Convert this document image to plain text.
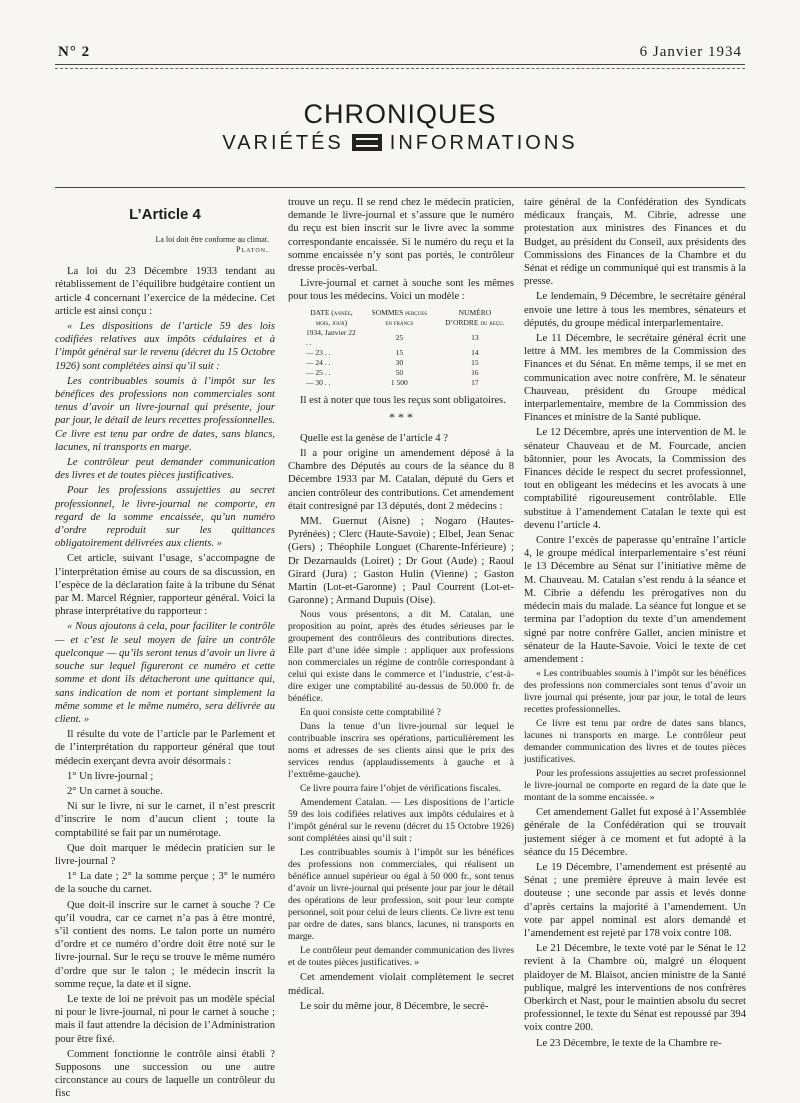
N° 2	6 Janvier 1934
CHRONIQUES
VARIÉTÉS INFORMATIONS
L’Article 4
La loi doit être conforme au climat.
Platon.

La loi du 23 Décembre 1933 tendant au rétablissement de l’équilibre budgétaire contient un article 4 concernant l’exercice de la médecine. Cet article est ainsi conçu :

« Les dispositions de l’article 59 des lois codifiées relatives aux impôts cédulaires et à l’impôt général sur le revenu (décret du 15 Octobre 1926) sont complétées ainsi qu’il suit :

Les contribuables soumis à l’impôt sur les bénéfices des professions non commerciales sont tenus d’avoir un livre-journal qui présente, jour par jour, le détail de leurs recettes professionnelles. Ce livre est tenu par ordre de dates, sans blancs, lacunes, ni transports en marge.

Le contrôleur peut demander communication des livres et de toutes pièces justificatives.

Pour les professions assujetties au secret professionnel, le livre-journal ne comporte, en regard de la somme encaissée, qu’un numéro d’ordre reproduit sur les quittances obligatoirement délivrées aux clients. »

Cet article, suivant l’usage, s’accompagne de l’interprétation émise au cours de sa discussion, en l’espèce de la déclaration faite à la tribune du Sénat par M. Marcel Régnier, rapporteur général. Voici la phrase interprétative du rapporteur :

« Nous ajoutons à cela, pour faciliter le contrôle — et c’est le seul moyen de faire un contrôle quelconque — qu’ils seront tenus d’avoir un livre à souche sur lequel figureront ce numéro et cette somme et dont ils détacheront une quittance qui, sans indication de nom et portant simplement la même somme et le même numéro, sera délivrée au client. »

Il résulte du vote de l’article par le Parlement et de l’interprétation du rapporteur général que tout médecin exerçant devra avoir désormais :

1° Un livre-journal ;

2° Un carnet à souche.

Ni sur le livre, ni sur le carnet, il n’est prescrit d’inscrire le nom d’aucun client ; toute la comptabilité se fait par un numérotage.

Que doit marquer le médecin praticien sur le livre-journal ?

1° La date ; 2° la somme perçue ; 3° le numéro de la souche du carnet.

Que doit-il inscrire sur le carnet à souche ? Ce qu’il voudra, car ce carnet n’a pas à être montré, s’il contient des noms. Le talon porte un numéro d’ordre et ce numéro d’ordre doit être noté sur le livre-journal. Sur le reçu se trouve le même numéro d’ordre que sur le talon ; le médecin inscrit la somme reçue, la date et il signe.

Le texte de loi ne prévoit pas un modèle spécial ni pour le livre-journal, ni pour le carnet à souche ; mais il faut attendre la décision de l’Administration pour être fixé.

Comment fonctionne le contrôle ainsi établi ? Supposons une succession ou une autre circonstance au cours de laquelle un contrôleur du fisc

trouve un reçu. Il se rend chez le médecin praticien, demande le livre-journal et s’assure que le numéro du reçu est bien inscrit sur le livre avec la somme correspondante encaissée. Si le numéro du reçu et la somme encaissée n’y sont pas portés, le contrôleur dresse procès-verbal.

Livre-journal et carnet à souche sont les mêmes pour tous les médecins. Voici un modèle :

DATE (année, mois, jour)	SOMMES perçues en francs	NUMÉRO D’ORDRE du reçu.
1934, Janvier 22 . .	25	13
— 23 . .	15	14
— 24 . .	30	15
— 25 . .	50	16
— 30 . .	1 500	17

Il est à noter que tous les reçus sont obligatoires.

* * *

Quelle est la genèse de l’article 4 ?

Il a pour origine un amendement déposé à la Chambre des Députés au cours de la séance du 8 Décembre 1933 par M. Catalan, député du Gers et ancien contrôleur des contributions. Cet amendement était contresigné par 13 députés, dont 2 médecins :

MM. Guernut (Aisne) ; Nogaro (Hautes-Pyrénées) ; Clerc (Haute-Savoie) ; Elbel, Jean Senac (Gers) ; Théophile Longuet (Charente-Inférieure) ; Dr Dezarnaulds (Loiret) ; Dr Gout (Aude) ; Raoul Girard (Jura) ; Gaston Hulin (Vienne) ; Gaston Martin (Lot-et-Garonne) ; Paul Courrent (Lot-et-Garonne) ; Armand Dupuis (Oise).

Nous vous présentons, a dit M. Catalan, une proposition au point, après des études sérieuses par le groupement des contrôleurs des contributions directes. Elle part d’une idée simple : appliquer aux professions non commerciales un régime de contrôle correspondant à celui qui existe dans le commerce et l’industrie, c’est-à-dire exiger une comptabilité au-dessus de 50.000 fr. de bénéfice.

En quoi consiste cette comptabilité ?

Dans la tenue d’un livre-journal sur lequel le contribuable inscrira ses opérations, particulièrement les noms et adresses de ses clients ainsi que le prix des services rendus (applaudissements à gauche et à l’extrême-gauche).

Ce livre pourra faire l’objet de vérifications fiscales.

Amendement Catalan. — Les dispositions de l’article 59 des lois codifiées relatives aux impôts cédulaires et à l’impôt général sur le revenu (décret du 15 Octobre 1926) sont complétées ainsi qu’il suit :

Les contribuables soumis à l’impôt sur les bénéfices des professions non commerciales, qui réalisent un bénéfice annuel supérieur ou égal à 50 000 fr., sont tenus d’avoir un livre-journal qui présente jour par jour le détail des opérations de leur profession, soit pour leur compte personnel, soit pour celui de leurs clients. Ce livre est tenu par ordre de dates, sans blancs, lacunes, ni transports en marge.

Le contrôleur peut demander communication des livres et de toutes pièces justificatives. »

Cet amendement violait complètement le secret médical.

Le soir du même jour, 8 Décembre, le secré-

taire général de la Confédération des Syndicats médicaux français, M. Cibrie, adresse une protestation aux ministres des Finances et du Budget, au président du Conseil, aux présidents des Commissions des Finances de la Chambre et du Sénat et rédige un communiqué qui est transmis à la presse.

Le lendemain, 9 Décembre, le secrétaire général envoie une lettre à tous les membres, sénateurs et députés, du groupe médical interparlementaire.

Le 11 Décembre, le secrétaire général écrit une lettre à MM. les membres de la Commission des Finances et du Sénat. En même temps, il se met en communication avec notre confrère, M. le sénateur Chauveau, président du Groupe médical interparlementaire, membre de la Commission des Finances et ministre de la Santé publique.

Le 12 Décembre, après une intervention de M. le sénateur Chauveau et de M. Fourcade, ancien bâtonnier, pour les Avocats, la Commission des Finances décide le respect du secret professionnel, tout en obligeant les médecins et les avocats à une comptabilité rigoureusement contrôlable. Elle substitue à l’amendement Catalan le texte qui est devenu l’article 4.

Contre l’excès de paperasse qu’entraîne l’article 4, le groupe médical interparlementaire s’est réuni le 13 Décembre au Sénat sur l’initiative même de M. Chauveau. M. Catalan s’est rendu à la séance et M. Cibrie a défendu les prérogatives non du médecin mais du malade. La séance fut longue et se termina par l’adoption du texte d’un amendement signé par notre confrère Gallet, ancien ministre et sénateur de la Haute-Savoie. Voici le texte de cet amendement :

« Les contribuables soumis à l’impôt sur les bénéfices des professions non commerciales sont tenus d’avoir un livre journal qui présente, jour par jour, le total de leurs recettes professionnelles.

Ce livre est tenu par ordre de dates sans blancs, lacunes ni transports en marge. Le contrôleur peut demander communication des livres et de toutes pièces justificatives.

Pour les professions assujetties au secret professionnel le livre-journal ne comporte en regard de la date que le montant de la somme encaissée. »

Cet amendement Gallet fut exposé à l’Assemblée générale de la Confédération qui se trouvait justement siéger à ce moment et fut adopté à la séance du 15 Décembre.

Le 19 Décembre, l’amendement est présenté au Sénat ; une première épreuve à main levée est douteuse ; une seconde par assis et levés donne d’après certains la majorité à l’amendement. Un vote par appel nominal est alors demandé et l’amendement est rejeté par 178 voix contre 108.

Le 21 Décembre, le texte voté par le Sénat le 12 revient à la Chambre où, malgré un éloquent plaidoyer de M. Blaisot, ancien ministre de la Santé publique, malgré les interventions de nos confrères Oberkirch et Nast, pour le maintien absolu du secret professionnel, le texte du Sénat est repoussé par 394 voix contre 200.

Le 23 Décembre, le texte de la Chambre re-
